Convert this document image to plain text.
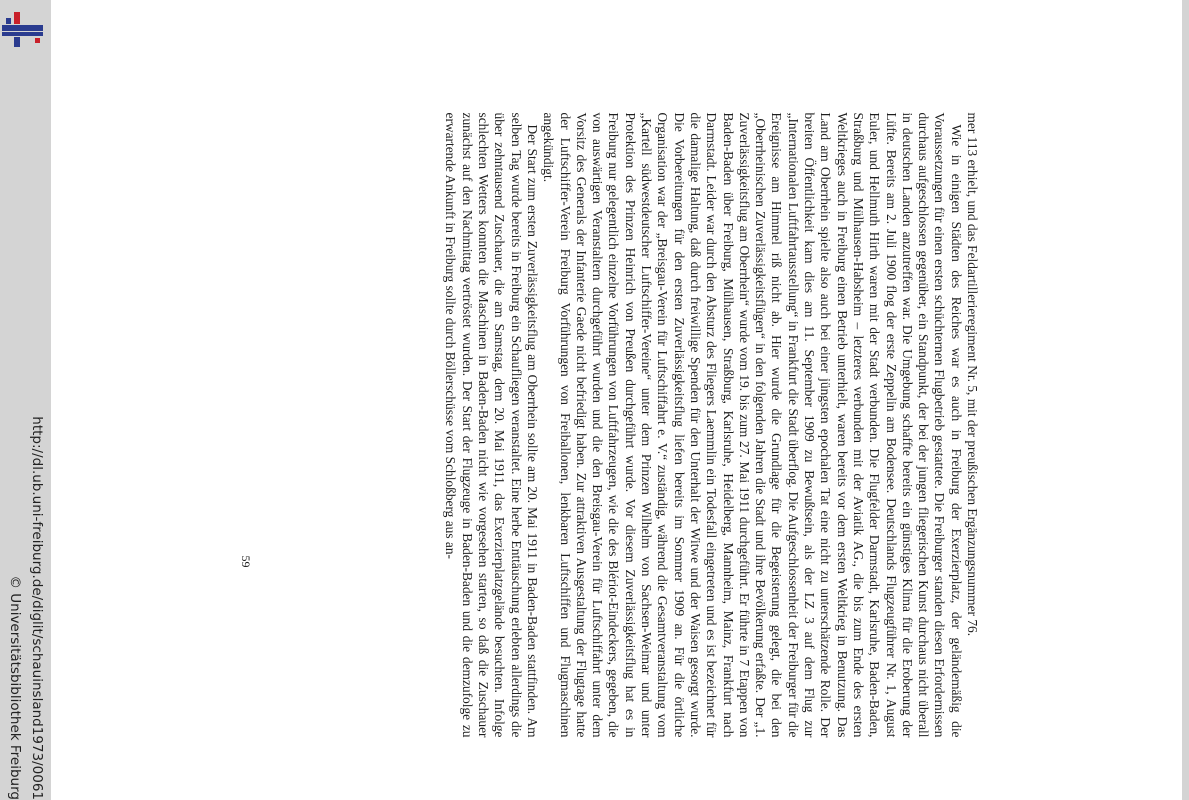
http://dl.ub.uni-freiburg.de/diglit/schauinsland1973/0061
© Universitätsbibliothek Freiburg

mer 113 erhielt, und das Feldartillerieregiment Nr. 5, mit der preußischen Ergänzungsnummer 76.

Wie in einigen Städten des Reiches war es auch in Freiburg der Exerzierplatz, der geländemäßig die Voraussetzungen für einen ersten schüchternen Flugbetrieb gestattete. Die Freiburger standen diesen Erfordernissen durchaus aufgeschlossen gegenüber, ein Standpunkt, der bei der jungen fliegerischen Kunst durchaus nicht überall in deutschen Landen anzutreffen war. Die Umgebung schaffte bereits ein günstiges Klima für die Eroberung der Lüfte. Bereits am 2. Juli 1900 flog der erste Zeppelin am Bodensee. Deutschlands Flugzeugführer Nr. 1, August Euler, und Hellmuth Hirth waren mit der Stadt verbunden. Die Flugfelder Darmstadt, Karlsruhe, Baden-Baden, Straßburg und Mülhausen-Habsheim – letzteres verbunden mit der Aviatik AG., die bis zum Ende des ersten Weltkrieges auch in Freiburg einen Betrieb unterhielt, waren bereits vor dem ersten Weltkrieg in Benutzung. Das Land am Oberrhein spielte also auch bei einer jüngsten epochalen Tat eine nicht zu unterschätzende Rolle. Der breiten Öffentlichkeit kam dies am 11. September 1909 zu Bewußtsein, als der LZ 3 auf dem Flug zur „Internationalen Luftfahrtausstellung“ in Frankfurt die Stadt überflog. Die Aufgeschlossenheit der Freiburger für die Ereignisse am Himmel riß nicht ab. Hier wurde die Grundlage für die Begeisterung gelegt, die bei den „Oberrheinischen Zuverlässigkeitsflügen“ in den folgenden Jahren die Stadt und ihre Bevölkerung erfaßte. Der „1. Zuverlässigkeitsflug am Oberrhein“ wurde vom 19. bis zum 27. Mai 1911 durchgeführt. Er führte in 7 Etappen von Baden-Baden über Freiburg, Mülhausen, Straßburg, Karlsruhe, Heidelberg, Mannheim, Mainz, Frankfurt nach Darmstadt. Leider war durch den Absturz des Fliegers Laemmlin ein Todesfall eingetreten und es ist bezeichnet für die damalige Haltung, daß durch freiwillige Spenden für den Unterhalt der Witwe und der Waisen gesorgt wurde. Die Vorbereitungen für den ersten Zuverlässigkeitsflug liefen bereits im Sommer 1909 an. Für die örtliche Organisation war der „Breisgau-Verein für Luftschiffahrt e. V.“ zuständig, während die Gesamtveranstaltung vom „Kartell südwestdeutscher Luftschiffer-Vereine“ unter dem Prinzen Wilhelm von Sachsen-Weimar und unter Protektion des Prinzen Heinrich von Preußen durchgeführt wurde. Vor diesem Zuverlässigkeitsflug hat es in Freiburg nur gelegentlich einzelne Vorführungen von Luftfahrzeugen, wie die des Blériot-Eindeckers, gegeben, die von auswärtigen Veranstaltern durchgeführt wurden und die den Breisgau-Verein für Luftschiffahrt unter dem Vorsitz des Generals der Infanterie Gaede nicht befriedigt haben. Zur attraktiven Ausgestaltung der Flugtage hatte der Luftschiffer-Verein Freiburg Vorführungen von Freiballonen, lenkbaren Luftschiffen und Flugmaschinen angekündigt.

Der Start zum ersten Zuverlässigkeitsflug am Oberrhein sollte am 20. Mai 1911 in Baden-Baden stattfinden. Am selben Tag wurde bereits in Freiburg ein Schaufliegen veranstaltet. Eine herbe Enttäuschung erlebten allerdings die über zehntausend Zuschauer, die am Samstag, dem 20. Mai 1911, das Exerzierplatzgelände besuchten. Infolge schlechten Wetters konnten die Maschinen in Baden-Baden nicht wie vorgesehen starten, so daß die Zuschauer zunächst auf den Nachmittag vertröstet wurden. Der Start der Flugzeuge in Baden-Baden und die demzufolge zu erwartende Ankunft in Freiburg sollte durch Böllerschüsse vom Schloßberg aus an-

59
